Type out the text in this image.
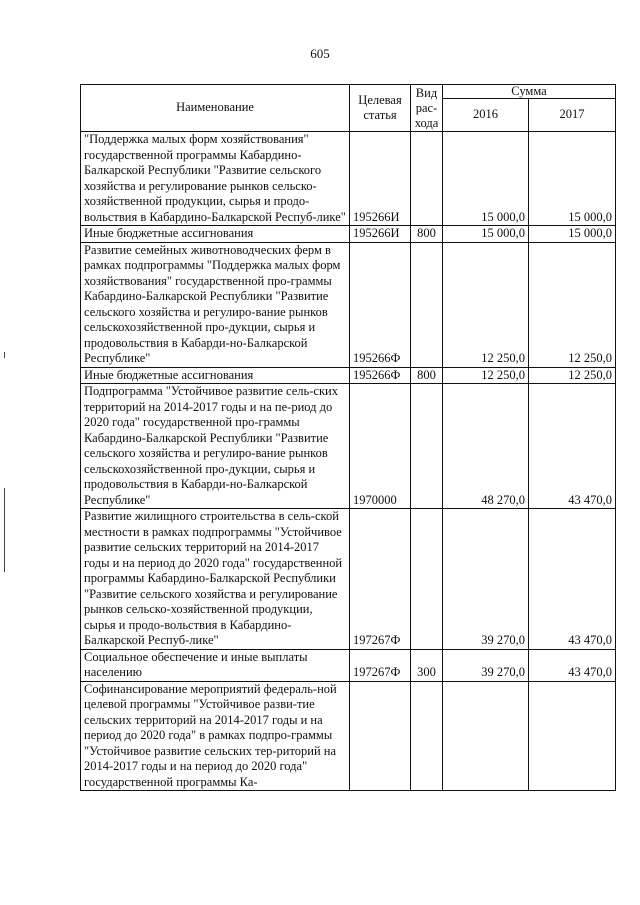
605
Наименование	Целевая статья	Вид рас-хода	Сумма	
			2016	2017
"Поддержка малых форм хозяйствования" государственной программы Кабардино-Балкарской Республики "Развитие сельского хозяйства и регулирование рынков сельско-хозяйственной продукции, сырья и продо-вольствия в Кабардино-Балкарской Респуб-лике"	195266И		15 000,0	15 000,0
Иные бюджетные ассигнования	195266И	800	15 000,0	15 000,0
Развитие семейных животноводческих ферм в рамках подпрограммы "Поддержка малых форм хозяйствования" государственной про-граммы Кабардино-Балкарской Республики "Развитие сельского хозяйства и регулиро-вание рынков сельскохозяйственной про-дукции, сырья и продовольствия в Кабарди-но-Балкарской Республике"	195266Ф		12 250,0	12 250,0
Иные бюджетные ассигнования	195266Ф	800	12 250,0	12 250,0
Подпрограмма "Устойчивое развитие сель-ских территорий на 2014-2017 годы и на пе-риод до 2020 года" государственной про-граммы Кабардино-Балкарской Республики "Развитие сельского хозяйства и регулиро-вание рынков сельскохозяйственной про-дукции, сырья и продовольствия в Кабарди-но-Балкарской Республике"	1970000		48 270,0	43 470,0
Развитие жилищного строительства в сель-ской местности в рамках подпрограммы "Устойчивое развитие сельских территорий на 2014-2017 годы и на период до 2020 года" государственной программы Кабардино-Балкарской Республики "Развитие сельского хозяйства и регулирование рынков сельско-хозяйственной продукции, сырья и продо-вольствия в Кабардино-Балкарской Респуб-лике"	197267Ф		39 270,0	43 470,0
Социальное обеспечение и иные выплаты населению	197267Ф	300	39 270,0	43 470,0
Софинансирование мероприятий федераль-ной целевой программы "Устойчивое разви-тие сельских территорий на 2014-2017 годы и на период до 2020 года" в рамках подпро-граммы "Устойчивое развитие сельских тер-риторий на 2014-2017 годы и на период до 2020 года" государственной программы Ка-				
